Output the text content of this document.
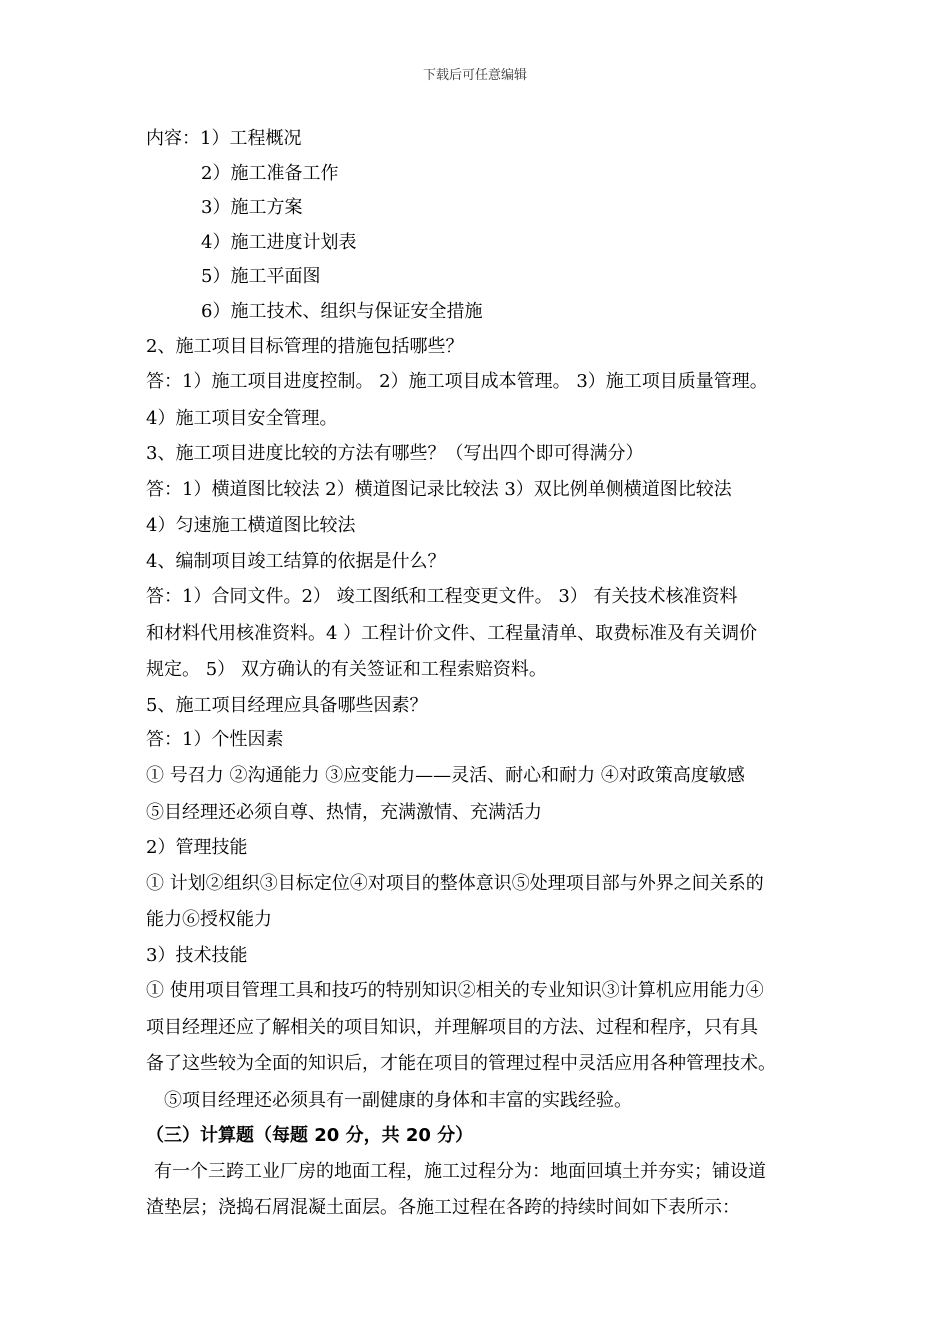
下载后可任意编辑
内容：1）工程概况
2）施工准备工作
3）施工方案
4）施工进度计划表
5）施工平面图
6）施工技术、组织与保证安全措施
2、施工项目目标管理的措施包括哪些？
答：1）施工项目进度控制。 2）施工项目成本管理。 3）施工项目质量管理。
4）施工项目安全管理。
3、施工项目进度比较的方法有哪些？（写出四个即可得满分）
答：1）横道图比较法 2）横道图记录比较法 3）双比例单侧横道图比较法
4）匀速施工横道图比较法
4、编制项目竣工结算的依据是什么？
答：1）合同文件。2） 竣工图纸和工程变更文件。 3） 有关技术核准资料
和材料代用核准资料。4 ）工程计价文件、工程量清单、取费标准及有关调价
规定。 5） 双方确认的有关签证和工程索赔资料。
5、施工项目经理应具备哪些因素？
答：1）个性因素
① 号召力 ②沟通能力 ③应变能力——灵活、耐心和耐力 ④对政策高度敏感
⑤目经理还必须自尊、热情，充满激情、充满活力
2）管理技能
① 计划②组织③目标定位④对项目的整体意识⑤处理项目部与外界之间关系的
能力⑥授权能力
3）技术技能
① 使用项目管理工具和技巧的特别知识②相关的专业知识③计算机应用能力④
项目经理还应了解相关的项目知识，并理解项目的方法、过程和程序，只有具
备了这些较为全面的知识后，才能在项目的管理过程中灵活应用各种管理技术。
⑤项目经理还必须具有一副健康的身体和丰富的实践经验。
（三）计算题（每题 20 分，共 20 分）
有一个三跨工业厂房的地面工程，施工过程分为：地面回填土并夯实；铺设道
渣垫层；浇捣石屑混凝土面层。各施工过程在各跨的持续时间如下表所示：
